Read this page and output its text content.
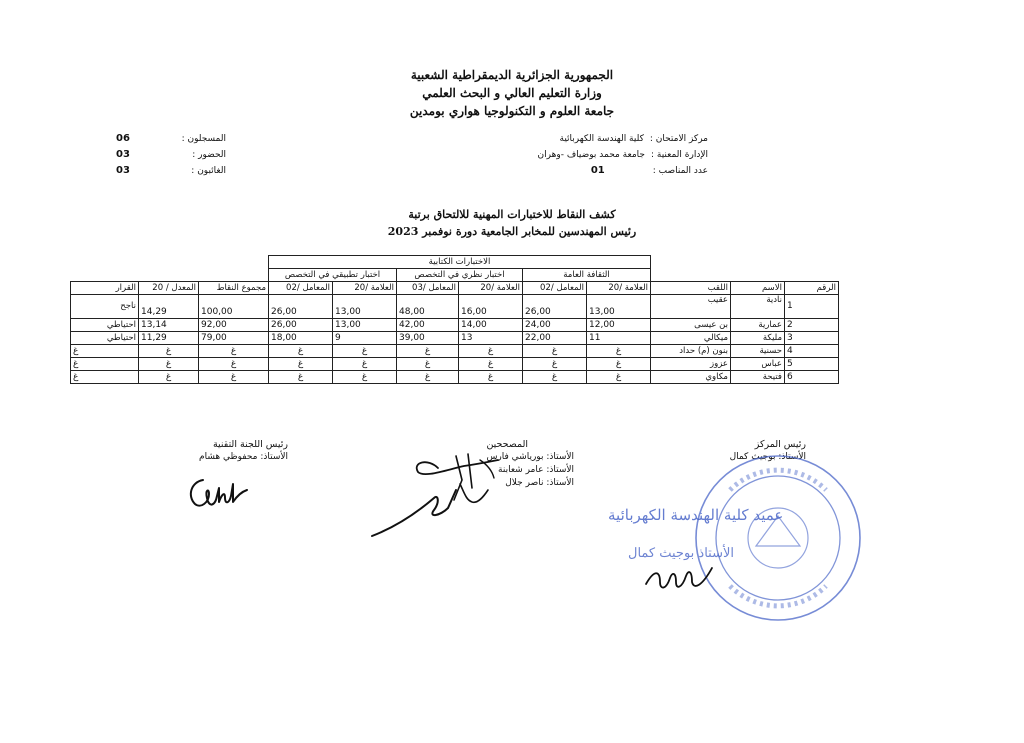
الجمهورية الجزائرية الديمقراطية الشعبية
وزارة التعليم العالي و البحث العلمي
جامعة العلوم و التكنولوجيا هواري بومدين
مركز الامتحان :
كلية الهندسة الكهربائية
الإدارة المعنية :
جامعة محمد بوضياف -وهران
عدد المناصب :
01
المسجلون :
06
الحضور :
03
الغائبون :
03
كشف النقاط للاختبارات المهنية للالتحاق برتبة
رئيس المهندسين للمخابر الجامعية دورة نوفمبر 2023
			الاختبارات الكتابية								
			الثقافة العامة		اختبار نظري في التخصص		اختبار تطبيقي في التخصص				
الرقم	الاسم	اللقب	العلامة /20	المعامل /02	العلامة /20	المعامل /03	العلامة /20	المعامل /02	مجموع النقاط	المعدل / 20	القرار
1	نادية	عقيب	13,00	26,00	16,00	48,00	13,00	26,00	100,00	14,29	ناجح
2	عمارية	بن عيسى	12,00	24,00	14,00	42,00	13,00	26,00	92,00	13,14	احتياطي
3	مليكة	ميكالي	11	22,00	13	39,00	9	18,00	79,00	11,29	احتياطي
4	حسنية	بنون (م) حداد	غ	غ	غ	غ	غ	غ	غ	غ	غ
5	عباس	عزوز	غ	غ	غ	غ	غ	غ	غ	غ	غ
6	فتيحة	مكاوي	غ	غ	غ	غ	غ	غ	غ	غ	غ
رئيس المركز
الأستاذ: بوجيث كمال
المصححين
الأستاذ: بورياشي فارس
الأستاذ: عامر شعابنة
الأستاذ: ناصر جلال
رئيس اللجنة التقنية
الأستاذ: محفوظي هشام
عميد كلية الهندسة الكهربائية
الأستاذ بوجيث كمال
